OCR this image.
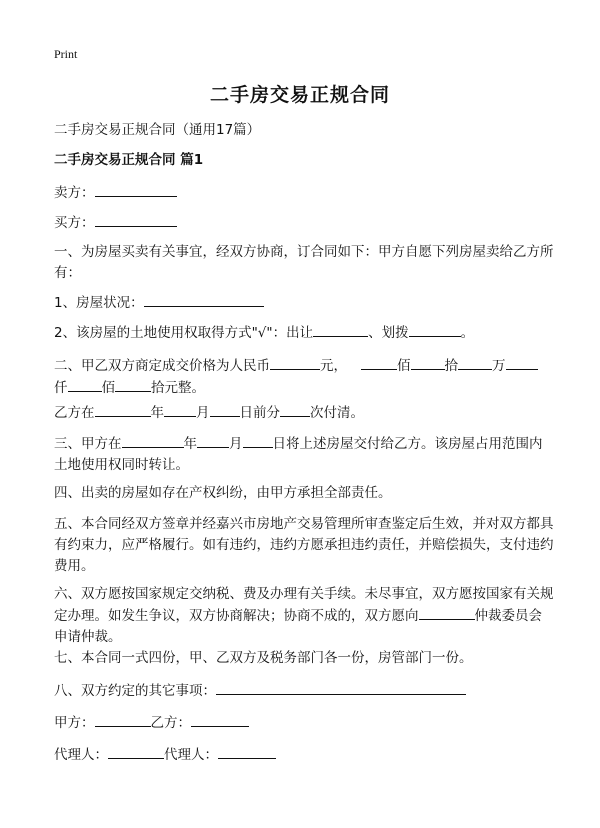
Print
二手房交易正规合同
二手房交易正规合同（通用17篇）
二手房交易正规合同 篇1
卖方：
买方：
一、为房屋买卖有关事宜，经双方协商，订合同如下：甲方自愿下列房屋卖给乙方所有：
1、房屋状况：
2、该房屋的土地使用权取得方式"√"：出让	、划拨	。
二、甲乙双方商定成交价格为人民币	元，	佰	拾	万
仟	佰	拾元整。
乙方在	年 月 日前分 次付清。
三、甲方在	年 月 日将上述房屋交付给乙方。该房屋占用范围内土地使用权同时转让。
四、出卖的房屋如存在产权纠纷，由甲方承担全部责任。
五、本合同经双方签章并经嘉兴市房地产交易管理所审查鉴定后生效，并对双方都具有约束力，应严格履行。如有违约，违约方愿承担违约责任，并赔偿损失，支付违约费用。
六、双方愿按国家规定交纳税、费及办理有关手续。未尽事宜，双方愿按国家有关规定办理。如发生争议，双方协商解决；协商不成的，双方愿向	仲裁委员会申请仲裁。
七、本合同一式四份，甲、乙双方及税务部门各一份，房管部门一份。
八、双方约定的其它事项：
甲方：	乙方：
代理人：	代理人：
